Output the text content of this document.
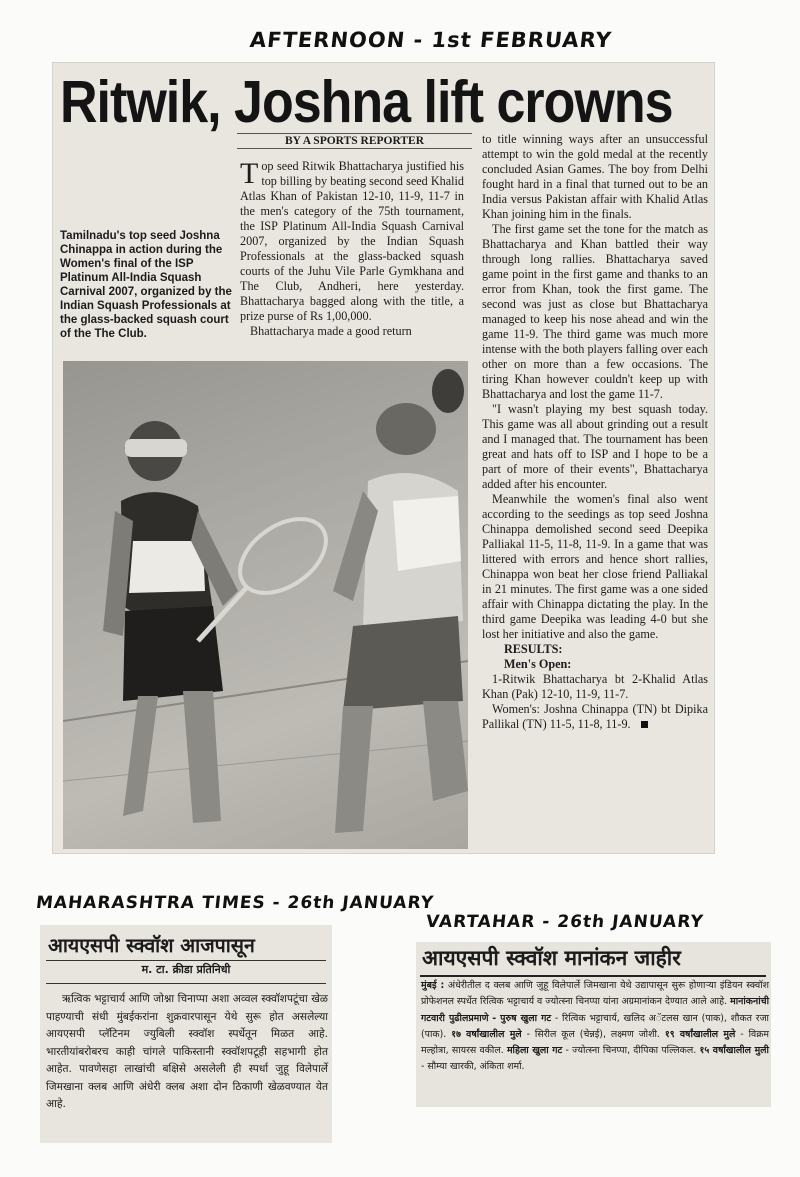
AFTERNOON - 1st FEBRUARY
MAHARASHTRA TIMES - 26th JANUARY
VARTAHAR - 26th JANUARY
Ritwik, Joshna lift crowns
BY A SPORTS REPORTER

Tamilnadu's top seed Joshna Chinappa in action during the Women's final of the ISP Platinum All-India Squash Carnival 2007, organized by the Indian Squash Professionals at the glass-backed squash court of the The Club.

Top seed Ritwik Bhattacharya justified his top billing by beating second seed Khalid Atlas Khan of Pakistan 12-10, 11-9, 11-7 in the men's category of the 75th tournament, the ISP Platinum All-India Squash Carnival 2007, organized by the Indian Squash Professionals at the glass-backed squash courts of the Juhu Vile Parle Gymkhana and The Club, Andheri, here yesterday. Bhattacharya bagged along with the title, a prize purse of Rs 1,00,000.

Bhattacharya made a good return

to title winning ways after an unsuccessful attempt to win the gold medal at the recently concluded Asian Games. The boy from Delhi fought hard in a final that turned out to be an India versus Pakistan affair with Khalid Atlas Khan joining him in the finals.

The first game set the tone for the match as Bhattacharya and Khan battled their way through long rallies. Bhattacharya saved game point in the first game and thanks to an error from Khan, took the first game. The second was just as close but Bhattacharya managed to keep his nose ahead and win the game 11-9. The third game was much more intense with the both players falling over each other on more than a few occasions. The tiring Khan however couldn't keep up with Bhattacharya and lost the game 11-7.

"I wasn't playing my best squash today. This game was all about grinding out a result and I managed that. The tournament has been great and hats off to ISP and I hope to be a part of more of their events", Bhattacharya added after his encounter.

Meanwhile the women's final also went according to the seedings as top seed Joshna Chinappa demolished second seed Deepika Palliakal 11-5, 11-8, 11-9. In a game that was littered with errors and hence short rallies, Chinappa won beat her close friend Palliakal in 21 minutes. The first game was a one sided affair with Chinappa dictating the play. In the third game Deepika was leading 4-0 but she lost her initiative and also the game.

RESULTS:
Men's Open:

1-Ritwik Bhattacharya bt 2-Khalid Atlas Khan (Pak) 12-10, 11-9, 11-7.

Women's: Joshna Chinappa (TN) bt Dipika Pallikal (TN) 11-5, 11-8, 11-9.

आयएसपी स्क्वॉश आजपासून
म. टा. क्रीडा प्रतिनिधी

ऋत्विक भट्टाचार्य आणि जोश्ना चिनाप्पा अशा अव्वल स्क्वॉशपटूंचा खेळ पाहण्याची संधी मुंबईकरांना शुक्रवारपासून येथे सुरू होत असलेल्या आयएसपी प्लॅटिनम ज्युबिली स्क्वॉश स्पर्धेतून मिळत आहे. भारतीयांबरोबरच काही चांगले पाकिस्तानी स्क्वॉशपटूही सहभागी होत आहेत. पावणेसहा लाखांची बक्षिसे असलेली ही स्पर्धा जुहू विलेपार्ले जिमखाना क्लब आणि अंधेरी क्लब अशा दोन ठिकाणी खेळवण्यात येत आहे.

आयएसपी स्क्वॉश मानांकन जाहीर

मुंबई : अंधेरीतील द क्लब आणि जुहू विलेपार्ले जिमखाना येथे उद्यापासून सुरू होणाऱ्या इंडियन स्क्वॉश प्रोफेशनल स्पर्धेत रित्विक भट्टाचार्य व ज्योत्स्ना चिनप्पा यांना अग्रमानांकन देण्यात आले आहे. मानांकनांची गटवारी पुढीलप्रमाणे - पुरुष खुला गट - रित्विक भट्टाचार्य, खलिद अॅटलस खान (पाक), शौकत रजा (पाक). १७ वर्षांखालील मुले - सिरील कूल (चेन्नई), लक्ष्मण जोशी. १९ वर्षांखालील मुले - विक्रम मल्होत्रा, सायरस वकील. महिला खुला गट - ज्योत्स्ना चिनप्पा, दीपिका पल्लिकल. १५ वर्षांखालील मुली - सौम्या खारकी, अंकिता शर्मा.
